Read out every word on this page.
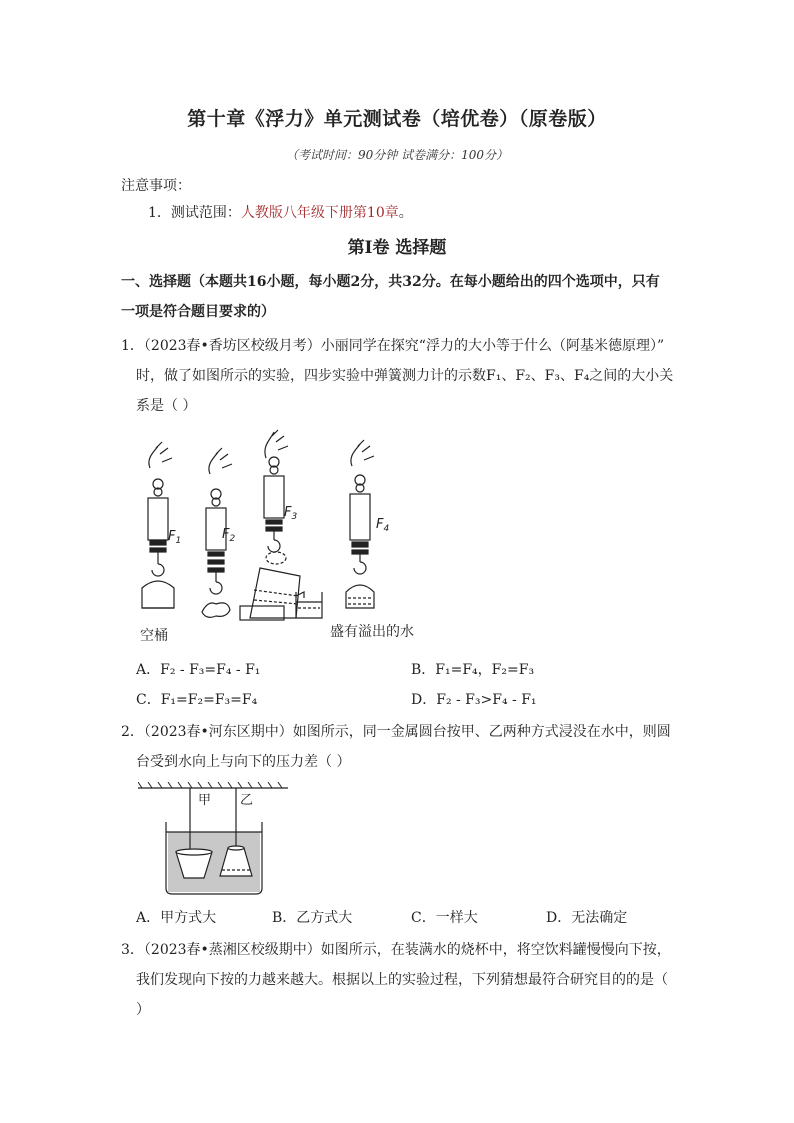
第十章《浮力》单元测试卷（培优卷）（原卷版）
（考试时间：90分钟 试卷满分：100分）
注意事项：
1．测试范围：人教版八年级下册第10章。
第Ⅰ卷 选择题
一、选择题（本题共16小题，每小题2分，共32分。在每小题给出的四个选项中，只有
一项是符合题目要求的）
1．（2023春•香坊区校级月考）小丽同学在探究“浮力的大小等于什么（阿基米德原理）”
时，做了如图所示的实验，四步实验中弹簧测力计的示数F₁、F₂、F₃、F₄之间的大小关
系是（ ）
$F_1$	$F_2$
$F_3$	$F_4$
空桶	盛有溢出的水
A．F₂ - F₃=F₄ - F₁	B．F₁=F₄，F₂=F₃
C．F₁=F₂=F₃=F₄	D．F₂ - F₃>F₄ - F₁
2．（2023春•河东区期中）如图所示，同一金属圆台按甲、乙两种方式浸没在水中，则圆
台受到水向上与向下的压力差（ ）
甲 乙
A．甲方式大	B．乙方式大	C．一样大	D．无法确定
3．（2023春•蒸湘区校级期中）如图所示，在装满水的烧杯中，将空饮料罐慢慢向下按，
我们发现向下按的力越来越大。根据以上的实验过程，下列猜想最符合研究目的的是（
）
